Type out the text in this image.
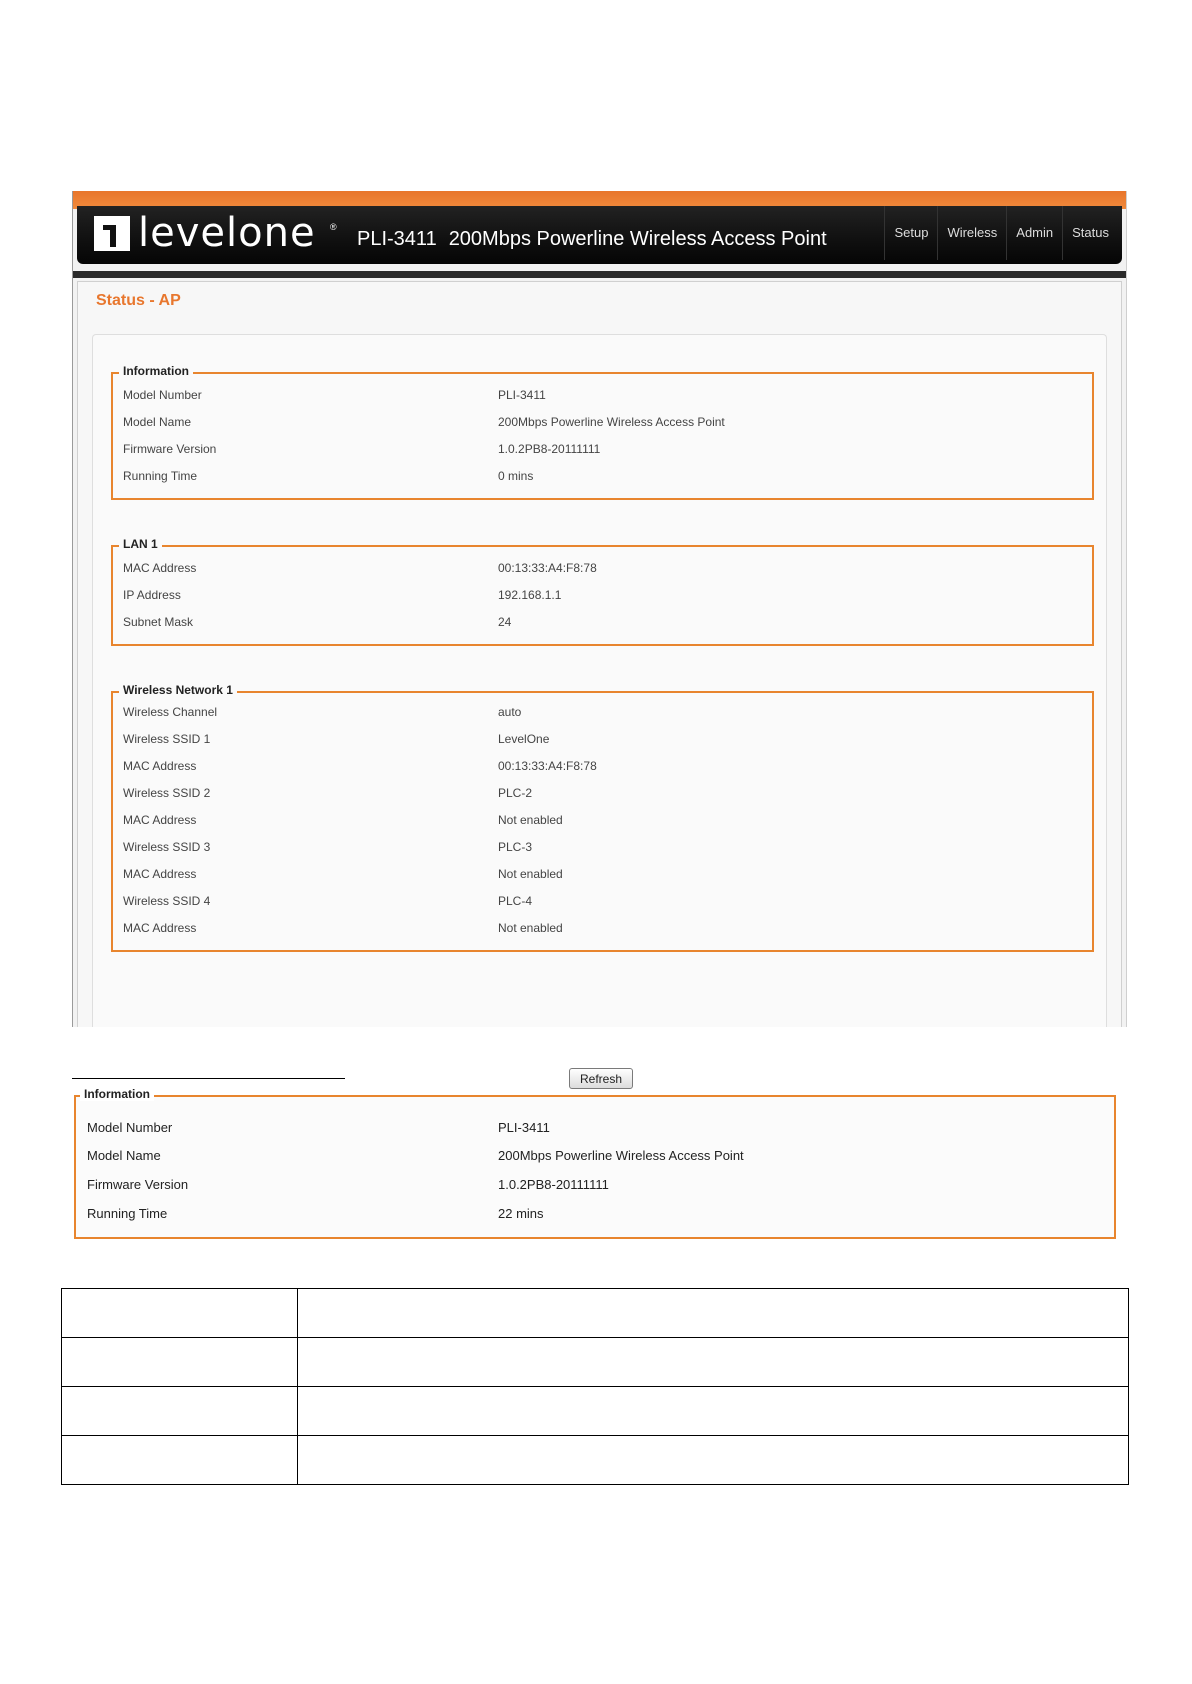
levelone ®
PLI-3411 200Mbps Powerline Wireless Access Point	Setup	Wireless	Admin	Status
Status - AP
Information
Model Number	PLI-3411
Model Name	200Mbps Powerline Wireless Access Point
Firmware Version	1.0.2PB8-20111111
Running Time	0 mins
LAN 1
MAC Address	00:13:33:A4:F8:78
IP Address	192.168.1.1
Subnet Mask	24
Wireless Network 1
Wireless Channel	auto
Wireless SSID 1	LevelOne
MAC Address	00:13:33:A4:F8:78
Wireless SSID 2	PLC-2
MAC Address	Not enabled
Wireless SSID 3	PLC-3
MAC Address	Not enabled
Wireless SSID 4	PLC-4
MAC Address	Not enabled
Refresh
Information
Model Number	PLI-3411
Model Name	200Mbps Powerline Wireless Access Point
Firmware Version	1.0.2PB8-20111111
Running Time	22 mins
